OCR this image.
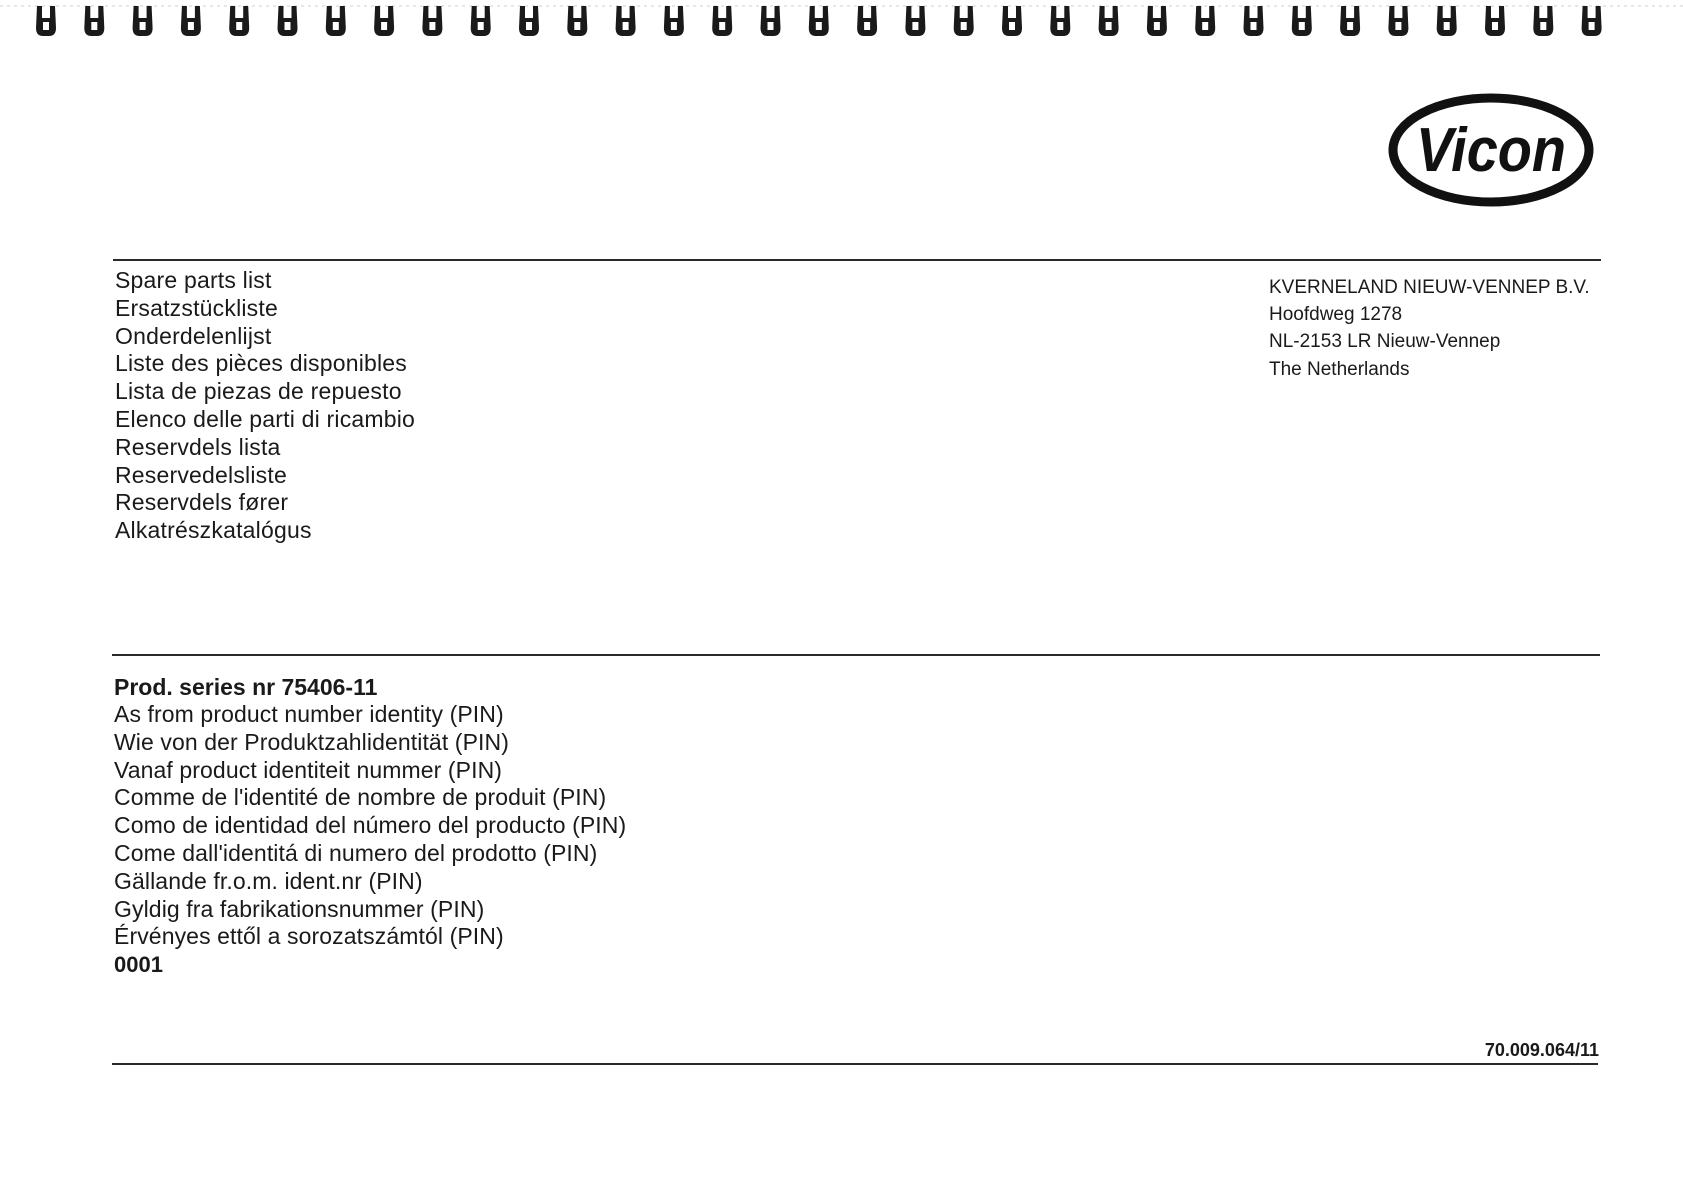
Vicon
Spare parts list
Ersatzstückliste
Onderdelenlijst
Liste des pièces disponibles
Lista de piezas de repuesto
Elenco delle parti di ricambio
Reservdels lista
Reservedelsliste
Reservdels fører
Alkatrészkatalógus
KVERNELAND NIEUW-VENNEP B.V.
Hoofdweg 1278
NL-2153 LR Nieuw-Vennep
The Netherlands
Prod. series nr 75406-11
As from product number identity (PIN)
Wie von der Produktzahlidentität (PIN)
Vanaf product identiteit nummer (PIN)
Comme de l'identité de nombre de produit (PIN)
Como de identidad del número del producto (PIN)
Come dall'identitá di numero del prodotto (PIN)
Gällande fr.o.m. ident.nr (PIN)
Gyldig fra fabrikationsnummer (PIN)
Érvényes ettől a sorozatszámtól (PIN)
0001
70.009.064/11
